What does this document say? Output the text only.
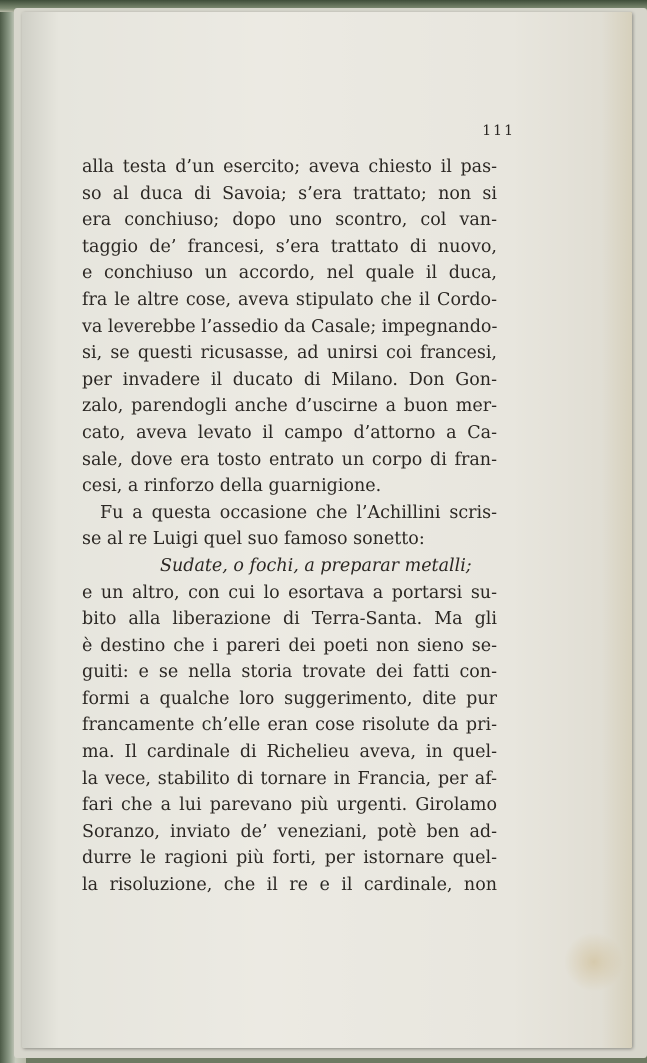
111
alla testa d’un esercito; aveva chiesto il pas-
so al duca di Savoia; s’era trattato; non si
era conchiuso; dopo uno scontro, col van-
taggio de’ francesi, s’era trattato di nuovo,
e conchiuso un accordo, nel quale il duca,
fra le altre cose, aveva stipulato che il Cordo-
va leverebbe l’assedio da Casale; impegnando-
si, se questi ricusasse, ad unirsi coi francesi,
per invadere il ducato di Milano. Don Gon-
zalo, parendogli anche d’uscirne a buon mer-
cato, aveva levato il campo d’attorno a Ca-
sale, dove era tosto entrato un corpo di fran-
cesi, a rinforzo della guarnigione.
Fu a questa occasione che l’Achillini scris-
se al re Luigi quel suo famoso sonetto:
Sudate, o fochi, a preparar metalli;
e un altro, con cui lo esortava a portarsi su-
bito alla liberazione di Terra-Santa. Ma gli
è destino che i pareri dei poeti non sieno se-
guiti: e se nella storia trovate dei fatti con-
formi a qualche loro suggerimento, dite pur
francamente ch’elle eran cose risolute da pri-
ma. Il cardinale di Richelieu aveva, in quel-
la vece, stabilito di tornare in Francia, per af-
fari che a lui parevano più urgenti. Girolamo
Soranzo, inviato de’ veneziani, potè ben ad-
durre le ragioni più forti, per istornare quel-
la risoluzione, che il re e il cardinale, non
